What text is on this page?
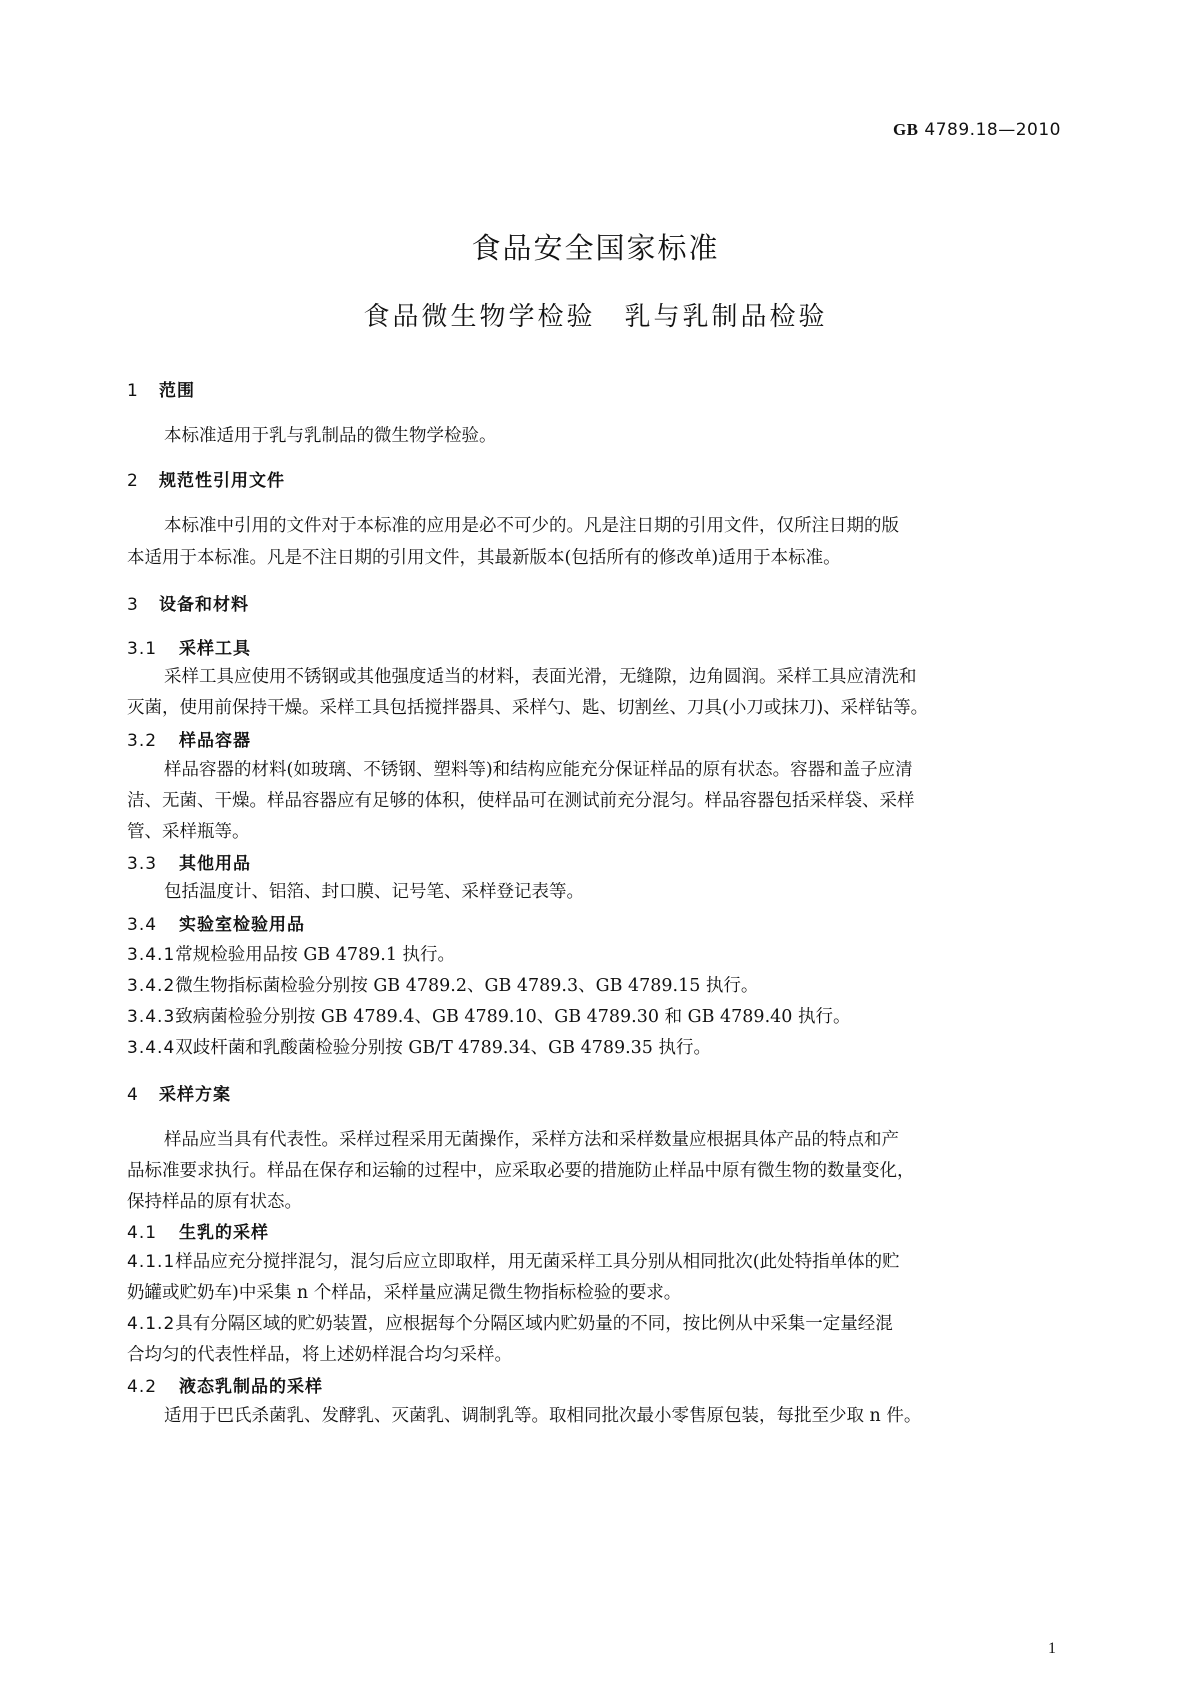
GB 4789.18—2010
食品安全国家标准
食品微生物学检验　乳与乳制品检验
1 范围
本标准适用于乳与乳制品的微生物学检验。
2 规范性引用文件
本标准中引用的文件对于本标准的应用是必不可少的。凡是注日期的引用文件，仅所注日期的版
本适用于本标准。凡是不注日期的引用文件，其最新版本(包括所有的修改单)适用于本标准。
3 设备和材料
3.1 采样工具
采样工具应使用不锈钢或其他强度适当的材料，表面光滑，无缝隙，边角圆润。采样工具应清洗和
灭菌，使用前保持干燥。采样工具包括搅拌器具、采样勺、匙、切割丝、刀具(小刀或抹刀)、采样钻等。
3.2 样品容器
样品容器的材料(如玻璃、不锈钢、塑料等)和结构应能充分保证样品的原有状态。容器和盖子应清
洁、无菌、干燥。样品容器应有足够的体积，使样品可在测试前充分混匀。样品容器包括采样袋、采样
管、采样瓶等。
3.3 其他用品
包括温度计、铝箔、封口膜、记号笔、采样登记表等。
3.4 实验室检验用品
3.4.1常规检验用品按 GB 4789.1 执行。
3.4.2微生物指标菌检验分别按 GB 4789.2、GB 4789.3、GB 4789.15 执行。
3.4.3致病菌检验分别按 GB 4789.4、GB 4789.10、GB 4789.30 和 GB 4789.40 执行。
3.4.4双歧杆菌和乳酸菌检验分别按 GB/T 4789.34、GB 4789.35 执行。
4 采样方案
样品应当具有代表性。采样过程采用无菌操作，采样方法和采样数量应根据具体产品的特点和产
品标准要求执行。样品在保存和运输的过程中，应采取必要的措施防止样品中原有微生物的数量变化，
保持样品的原有状态。
4.1 生乳的采样
4.1.1样品应充分搅拌混匀，混匀后应立即取样，用无菌采样工具分别从相同批次(此处特指单体的贮
奶罐或贮奶车)中采集 n 个样品，采样量应满足微生物指标检验的要求。
4.1.2具有分隔区域的贮奶装置，应根据每个分隔区域内贮奶量的不同，按比例从中采集一定量经混
合均匀的代表性样品，将上述奶样混合均匀采样。
4.2 液态乳制品的采样
适用于巴氏杀菌乳、发酵乳、灭菌乳、调制乳等。取相同批次最小零售原包装，每批至少取 n 件。
1
